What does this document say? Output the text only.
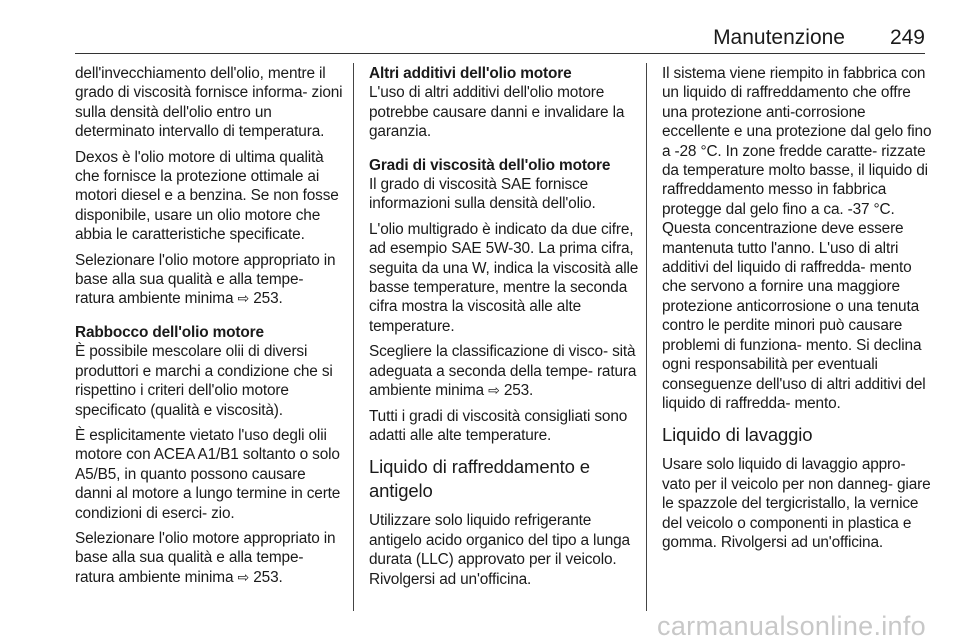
Manutenzione 249

dell'invecchiamento dell'olio, mentre il grado di viscosità fornisce informa- zioni sulla densità dell'olio entro un determinato intervallo di temperatura.

Dexos è l'olio motore di ultima qualità che fornisce la protezione ottimale ai motori diesel e a benzina. Se non fosse disponibile, usare un olio motore che abbia le caratteristiche specificate.

Selezionare l'olio motore appropriato in base alla sua qualità e alla tempe- ratura ambiente minima ⇨ 253.

Rabbocco dell'olio motore

È possibile mescolare olii di diversi produttori e marchi a condizione che si rispettino i criteri dell'olio motore specificato (qualità e viscosità).

È esplicitamente vietato l'uso degli olii motore con ACEA A1/B1 soltanto o solo A5/B5, in quanto possono causare danni al motore a lungo termine in certe condizioni di eserci- zio.

Selezionare l'olio motore appropriato in base alla sua qualità e alla tempe- ratura ambiente minima ⇨ 253.

Altri additivi dell'olio motore

L'uso di altri additivi dell'olio motore potrebbe causare danni e invalidare la garanzia.

Gradi di viscosità dell'olio motore

Il grado di viscosità SAE fornisce informazioni sulla densità dell'olio.

L'olio multigrado è indicato da due cifre, ad esempio SAE 5W-30. La prima cifra, seguita da una W, indica la viscosità alle basse temperature, mentre la seconda cifra mostra la viscosità alle alte temperature.

Scegliere la classificazione di visco- sità adeguata a seconda della tempe- ratura ambiente minima ⇨ 253.

Tutti i gradi di viscosità consigliati sono adatti alle alte temperature.

Liquido di raffreddamento e antigelo

Utilizzare solo liquido refrigerante antigelo acido organico del tipo a lunga durata (LLC) approvato per il veicolo. Rivolgersi ad un'officina.

Il sistema viene riempito in fabbrica con un liquido di raffreddamento che offre una protezione anti-corrosione eccellente e una protezione dal gelo fino a -28 °C. In zone fredde caratte- rizzate da temperature molto basse, il liquido di raffreddamento messo in fabbrica protegge dal gelo fino a ca. -37 °C. Questa concentrazione deve essere mantenuta tutto l'anno. L'uso di altri additivi del liquido di raffredda- mento che servono a fornire una maggiore protezione anticorrosione o una tenuta contro le perdite minori può causare problemi di funziona- mento. Si declina ogni responsabilità per eventuali conseguenze dell'uso di altri additivi del liquido di raffredda- mento.

Liquido di lavaggio

Usare solo liquido di lavaggio appro- vato per il veicolo per non danneg- giare le spazzole del tergicristallo, la vernice del veicolo o componenti in plastica e gomma. Rivolgersi ad un'officina.

carmanualsonline.info
